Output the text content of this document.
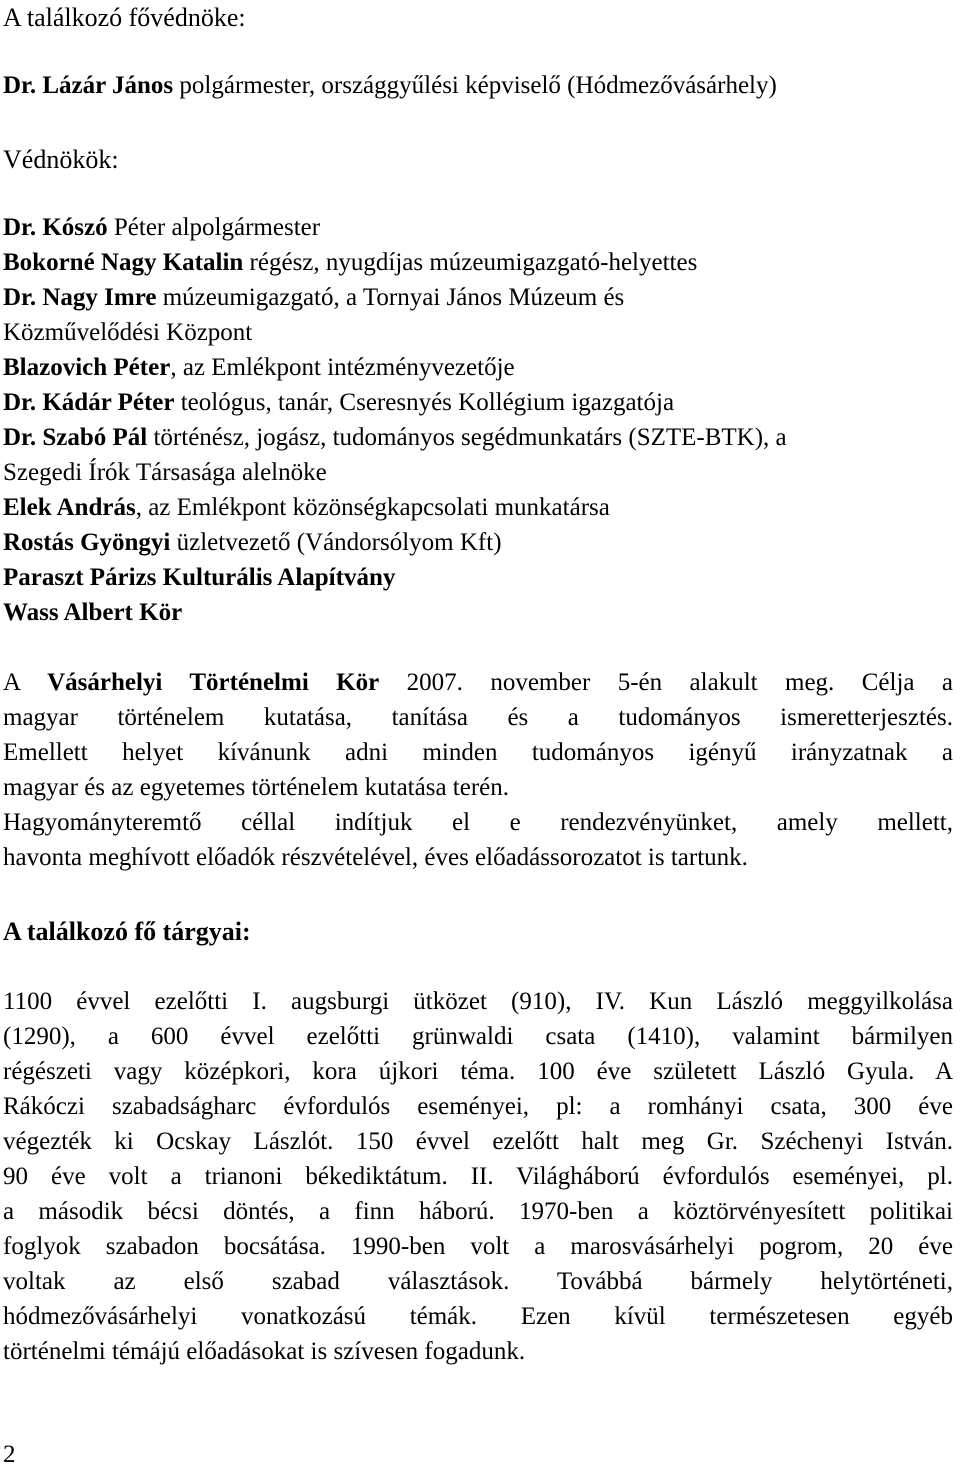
A találkozó fővédnöke:
Dr. Lázár János polgármester, országgyűlési képviselő (Hódmezővásárhely)
Védnökök:
Dr. Kószó Péter alpolgármester
Bokorné Nagy Katalin régész, nyugdíjas múzeumigazgató-helyettes
Dr. Nagy Imre múzeumigazgató, a Tornyai János Múzeum és
Közművelődési Központ
Blazovich Péter, az Emlékpont intézményvezetője
Dr. Kádár Péter teológus, tanár, Cseresnyés Kollégium igazgatója
Dr. Szabó Pál történész, jogász, tudományos segédmunkatárs (SZTE-BTK), a
Szegedi Írók Társasága alelnöke
Elek András, az Emlékpont közönségkapcsolati munkatársa
Rostás Gyöngyi üzletvezető (Vándorsólyom Kft)
Paraszt Párizs Kulturális Alapítvány
Wass Albert Kör
A Vásárhelyi Történelmi Kör 2007. november 5-én alakult meg. Célja a
magyar történelem kutatása, tanítása és a tudományos ismeretterjesztés.
Emellett helyet kívánunk adni minden tudományos igényű irányzatnak a
magyar és az egyetemes történelem kutatása terén.
Hagyományteremtő céllal indítjuk el e rendezvényünket, amely mellett,
havonta meghívott előadók részvételével, éves előadássorozatot is tartunk.
A találkozó fő tárgyai:
1100 évvel ezelőtti I. augsburgi ütközet (910), IV. Kun László meggyilkolása
(1290), a 600 évvel ezelőtti grünwaldi csata (1410), valamint bármilyen
régészeti vagy középkori, kora újkori téma. 100 éve született László Gyula. A
Rákóczi szabadságharc évfordulós eseményei, pl: a romhányi csata, 300 éve
végezték ki Ocskay Lászlót. 150 évvel ezelőtt halt meg Gr. Széchenyi István.
90 éve volt a trianoni békediktátum. II. Világháború évfordulós eseményei, pl.
a második bécsi döntés, a finn háború. 1970-ben a köztörvényesített politikai
foglyok szabadon bocsátása. 1990-ben volt a marosvásárhelyi pogrom, 20 éve
voltak az első szabad választások. Továbbá bármely helytörténeti,
hódmezővásárhelyi vonatkozású témák. Ezen kívül természetesen egyéb
történelmi témájú előadásokat is szívesen fogadunk.
2
